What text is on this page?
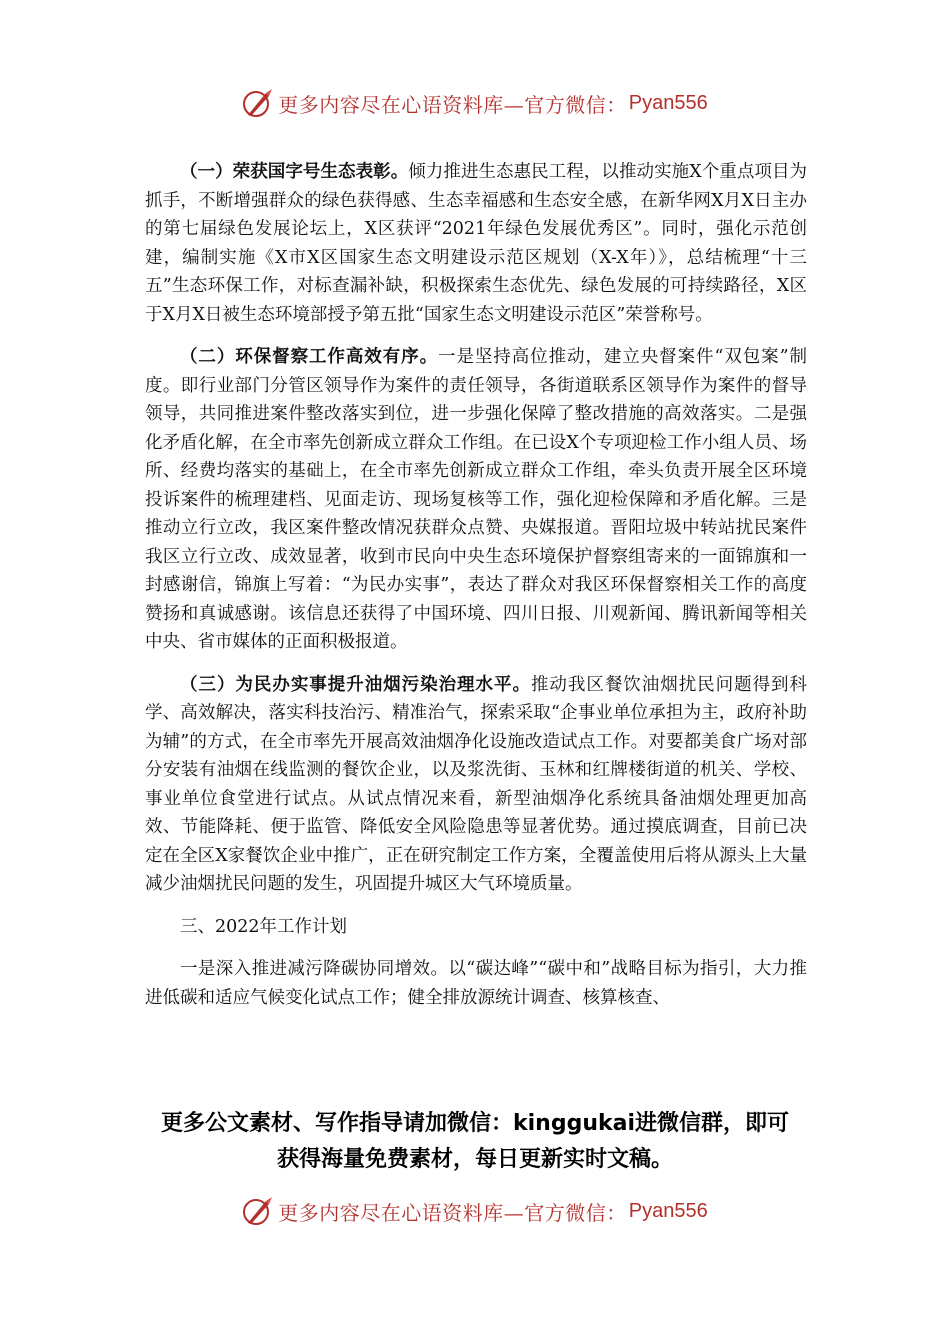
更多内容尽在心语资料库—官方微信： Pyan556

（一）荣获国字号生态表彰。倾力推进生态惠民工程，以推动实施X个重点项目为抓手，不断增强群众的绿色获得感、生态幸福感和生态安全感，在新华网X月X日主办的第七届绿色发展论坛上，X区获评“2021年绿色发展优秀区”。同时，强化示范创建，编制实施《X市X区国家生态文明建设示范区规划（X-X年）》，总结梳理“十三五”生态环保工作，对标查漏补缺，积极探索生态优先、绿色发展的可持续路径，X区于X月X日被生态环境部授予第五批“国家生态文明建设示范区”荣誉称号。

（二）环保督察工作高效有序。一是坚持高位推动，建立央督案件“双包案”制度。即行业部门分管区领导作为案件的责任领导，各街道联系区领导作为案件的督导领导，共同推进案件整改落实到位，进一步强化保障了整改措施的高效落实。二是强化矛盾化解，在全市率先创新成立群众工作组。在已设X个专项迎检工作小组人员、场所、经费均落实的基础上，在全市率先创新成立群众工作组，牵头负责开展全区环境投诉案件的梳理建档、见面走访、现场复核等工作，强化迎检保障和矛盾化解。三是推动立行立改，我区案件整改情况获群众点赞、央媒报道。晋阳垃圾中转站扰民案件我区立行立改、成效显著，收到市民向中央生态环境保护督察组寄来的一面锦旗和一封感谢信，锦旗上写着：“为民办实事”，表达了群众对我区环保督察相关工作的高度赞扬和真诚感谢。该信息还获得了中国环境、四川日报、川观新闻、腾讯新闻等相关中央、省市媒体的正面积极报道。

（三）为民办实事提升油烟污染治理水平。推动我区餐饮油烟扰民问题得到科学、高效解决，落实科技治污、精准治气，探索采取“企事业单位承担为主，政府补助为辅”的方式，在全市率先开展高效油烟净化设施改造试点工作。对要都美食广场对部分安装有油烟在线监测的餐饮企业，以及浆洗街、玉林和红牌楼街道的机关、学校、事业单位食堂进行试点。从试点情况来看，新型油烟净化系统具备油烟处理更加高效、节能降耗、便于监管、降低安全风险隐患等显著优势。通过摸底调查，目前已决定在全区X家餐饮企业中推广，正在研究制定工作方案，全覆盖使用后将从源头上大量减少油烟扰民问题的发生，巩固提升城区大气环境质量。

三、2022年工作计划

一是深入推进减污降碳协同增效。以“碳达峰”“碳中和”战略目标为指引，大力推进低碳和适应气候变化试点工作；健全排放源统计调查、核算核查、

更多公文素材、写作指导请加微信：kinggukai进微信群，即可
获得海量免费素材，每日更新实时文稿。
更多内容尽在心语资料库—官方微信： Pyan556
